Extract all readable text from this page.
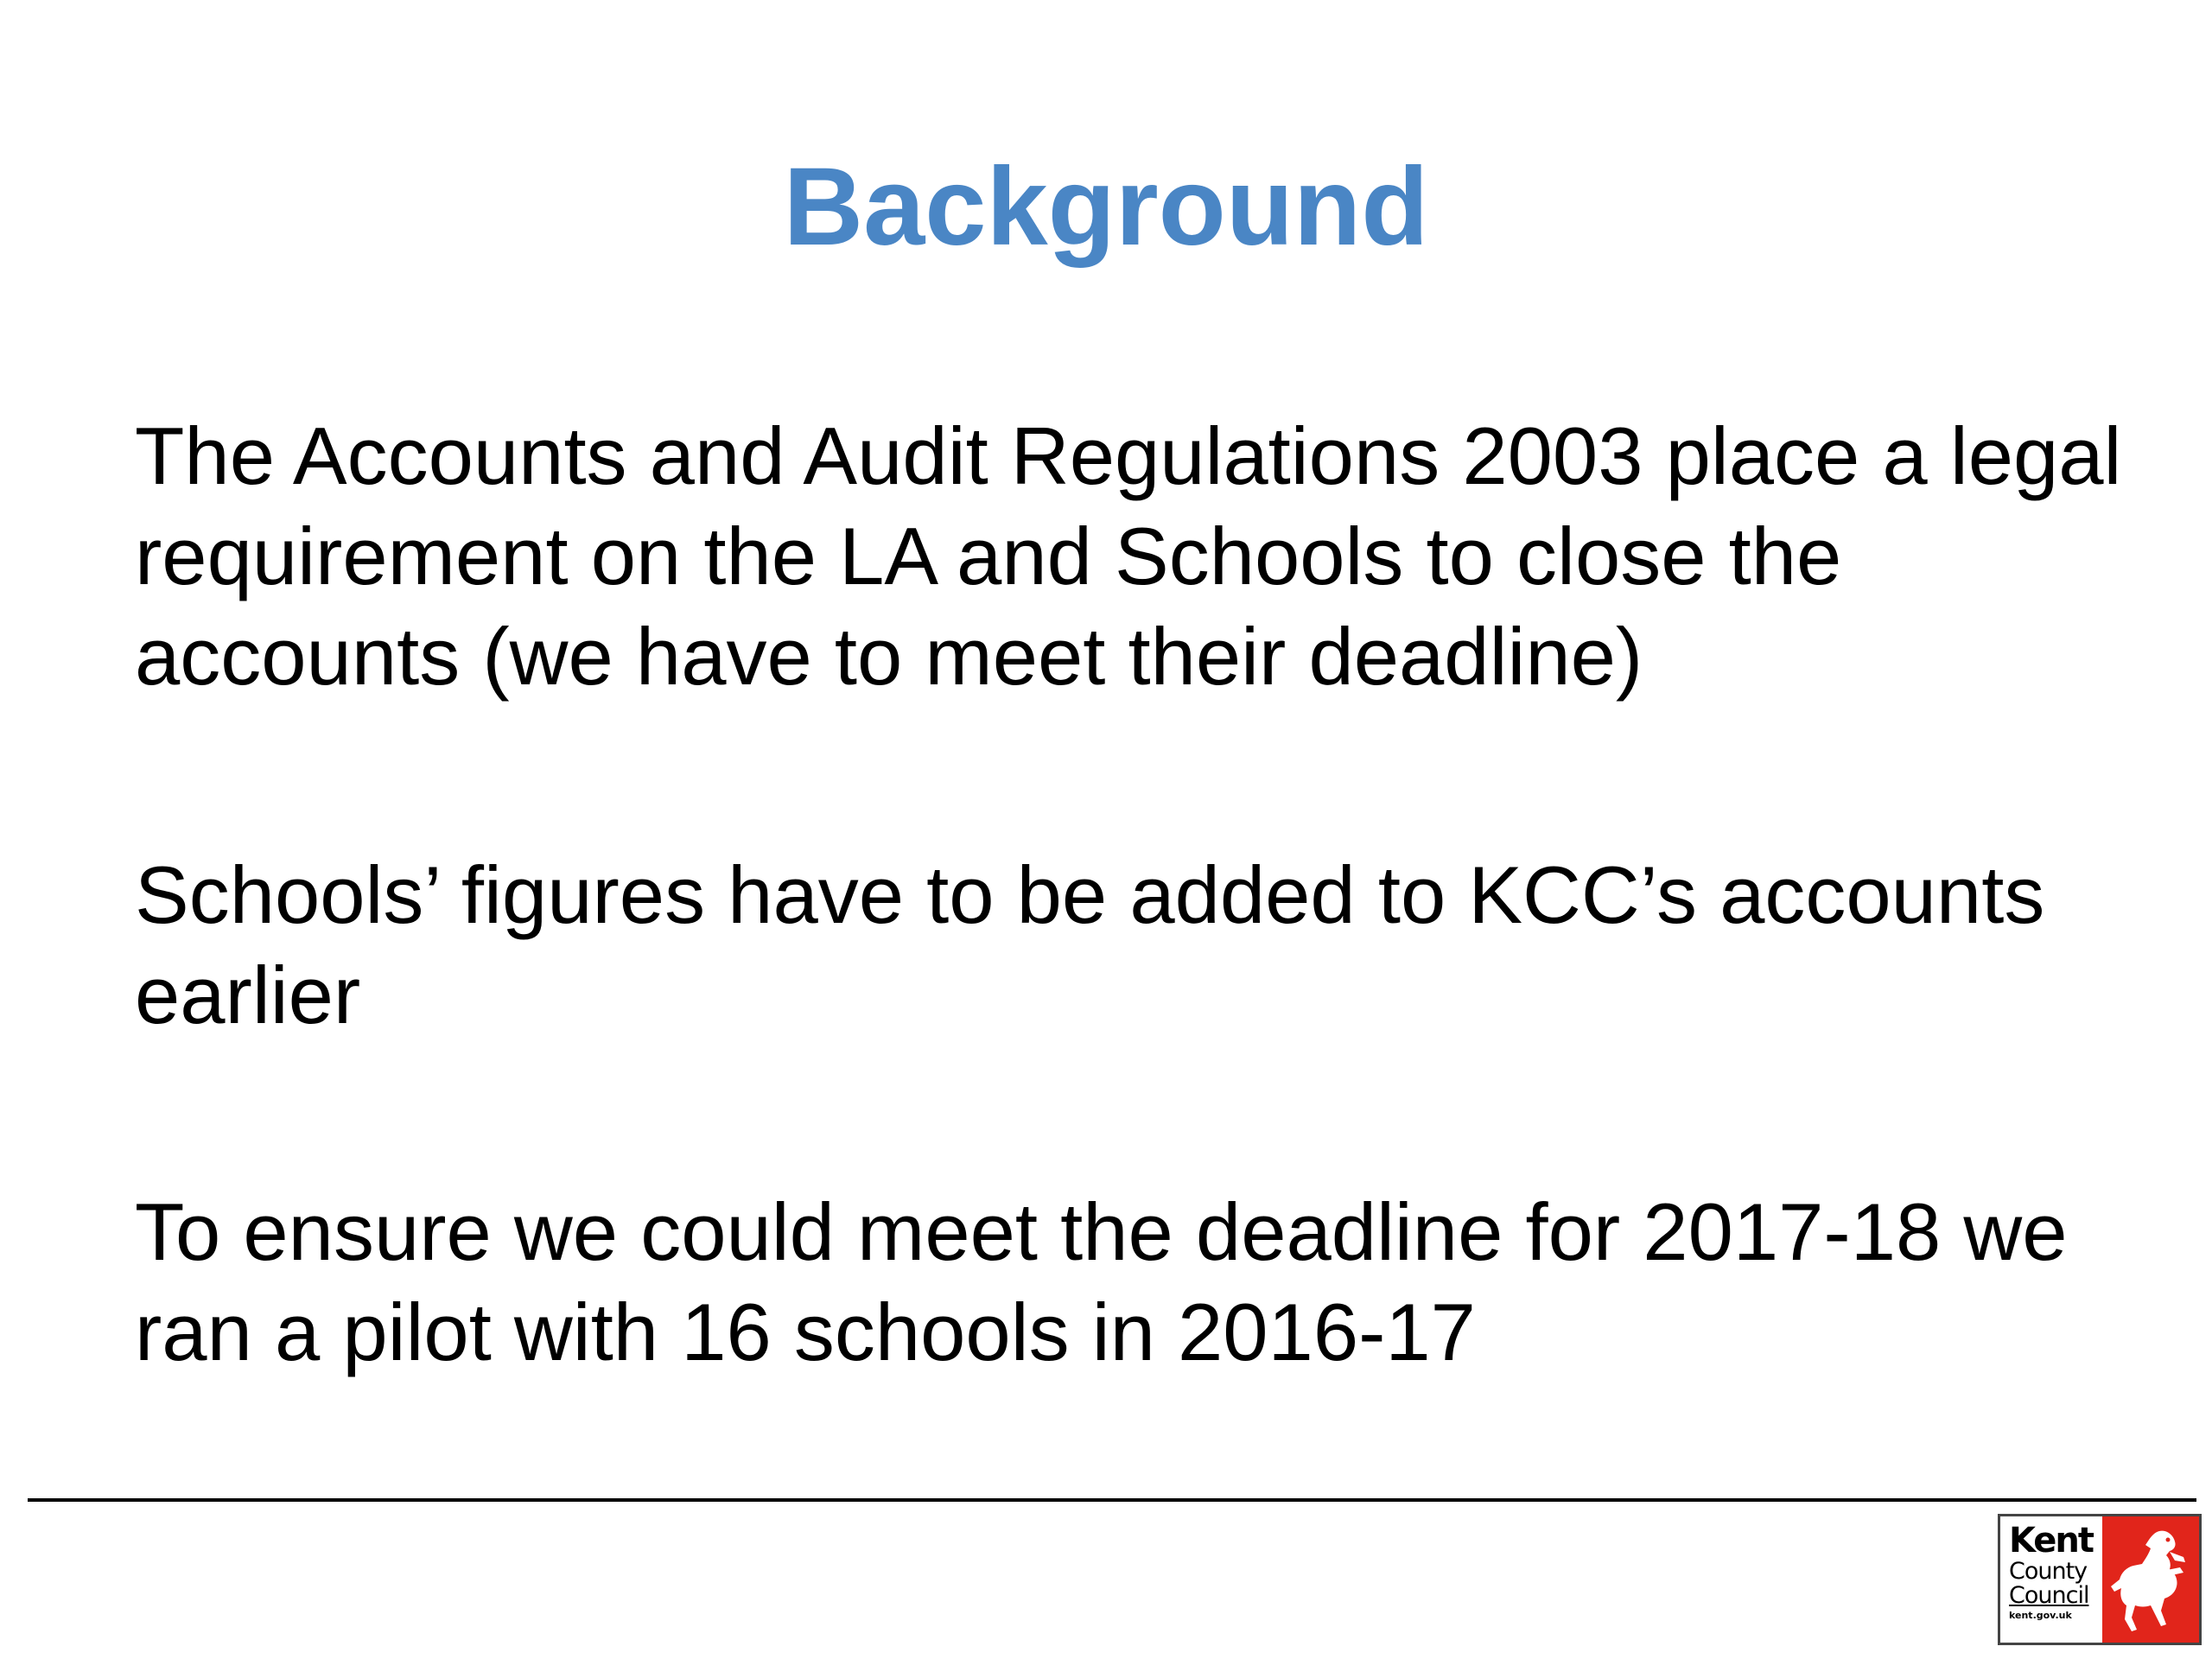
Background

The Accounts and Audit Regulations 2003 place a legal requirement on the LA and Schools to close the accounts (we have to meet their deadline)

Schools’ figures have to be added to KCC’s accounts earlier

To ensure we could meet the deadline for 2017-18 we ran a pilot with 16 schools in 2016-17

Kent
County
Council
kent.gov.uk
